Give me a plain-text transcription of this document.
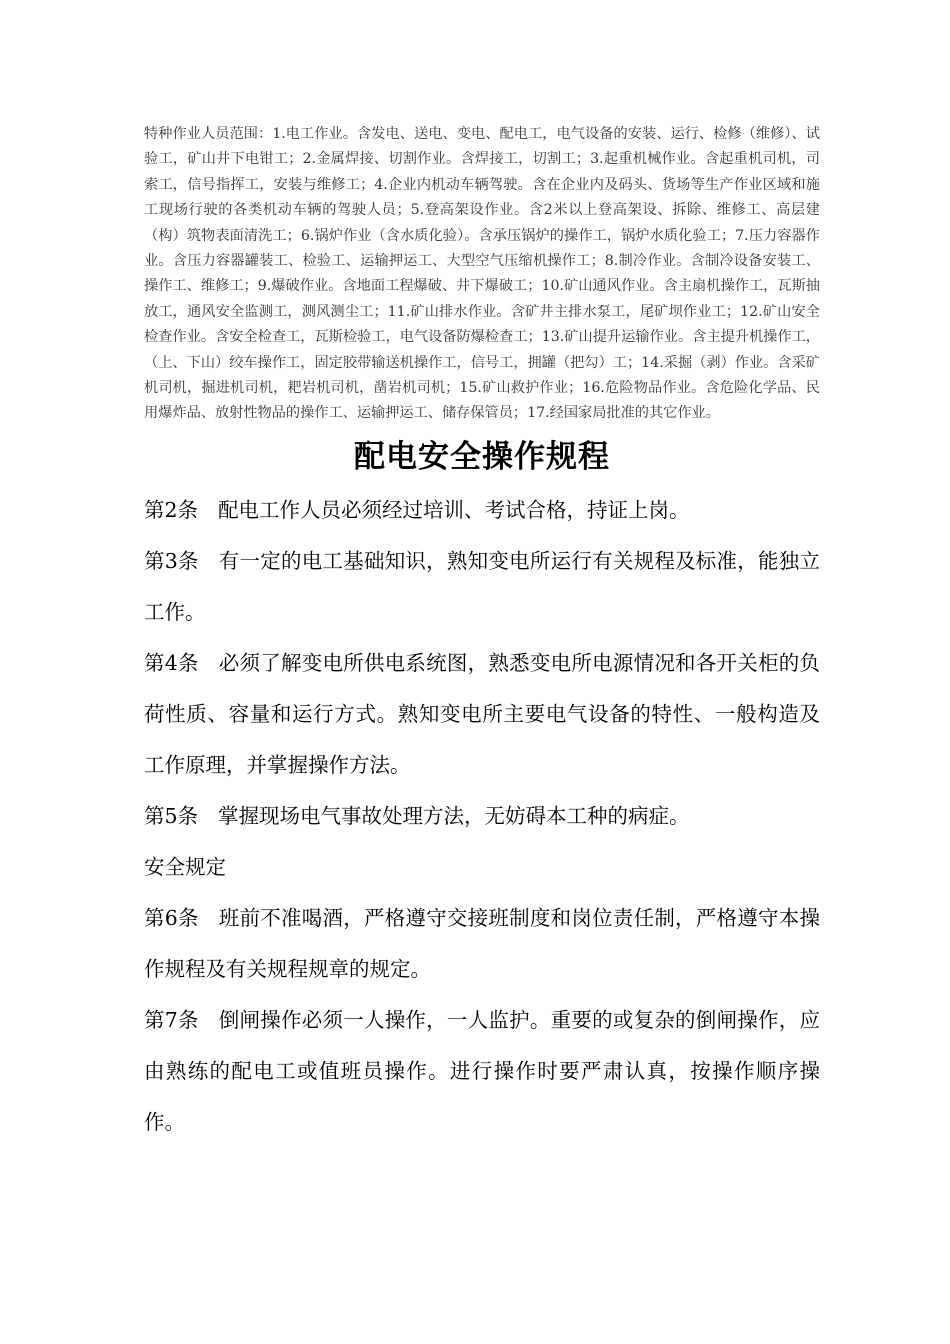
特种作业人员范围：1.电工作业。含发电、送电、变电、配电工，电气设备的安装、运行、检修（维修）、试验工，矿山井下电钳工；2.金属焊接、切割作业。含焊接工，切割工；3.起重机械作业。含起重机司机，司索工，信号指挥工，安装与维修工；4.企业内机动车辆驾驶。含在企业内及码头、货场等生产作业区域和施工现场行驶的各类机动车辆的驾驶人员；5.登高架设作业。含2米以上登高架设、拆除、维修工、高层建（构）筑物表面清洗工；6.锅炉作业（含水质化验）。含承压锅炉的操作工，锅炉水质化验工；7.压力容器作业。含压力容器罐装工、检验工、运输押运工、大型空气压缩机操作工；8.制冷作业。含制冷设备安装工、操作工、维修工；9.爆破作业。含地面工程爆破、井下爆破工；10.矿山通风作业。含主扇机操作工，瓦斯抽放工，通风安全监测工，测风测尘工；11.矿山排水作业。含矿井主排水泵工，尾矿坝作业工；12.矿山安全检查作业。含安全检查工，瓦斯检验工，电气设备防爆检查工；13.矿山提升运输作业。含主提升机操作工，（上、下山）绞车操作工，固定胶带输送机操作工，信号工，拥罐（把勾）工；14.采掘（剥）作业。含采矿机司机，掘进机司机，耙岩机司机，凿岩机司机；15.矿山救护作业；16.危险物品作业。含危险化学品、民用爆炸品、放射性物品的操作工、运输押运工、储存保管员；17.经国家局批准的其它作业。

配电安全操作规程

第2条 配电工作人员必须经过培训、考试合格，持证上岗。

第3条 有一定的电工基础知识，熟知变电所运行有关规程及标准，能独立工作。

第4条 必须了解变电所供电系统图，熟悉变电所电源情况和各开关柜的负荷性质、容量和运行方式。熟知变电所主要电气设备的特性、一般构造及工作原理，并掌握操作方法。

第5条 掌握现场电气事故处理方法，无妨碍本工种的病症。

安全规定

第6条 班前不准喝酒，严格遵守交接班制度和岗位责任制，严格遵守本操作规程及有关规程规章的规定。

第7条 倒闸操作必须一人操作，一人监护。重要的或复杂的倒闸操作，应由熟练的配电工或值班员操作。进行操作时要严肃认真，按操作顺序操作。
